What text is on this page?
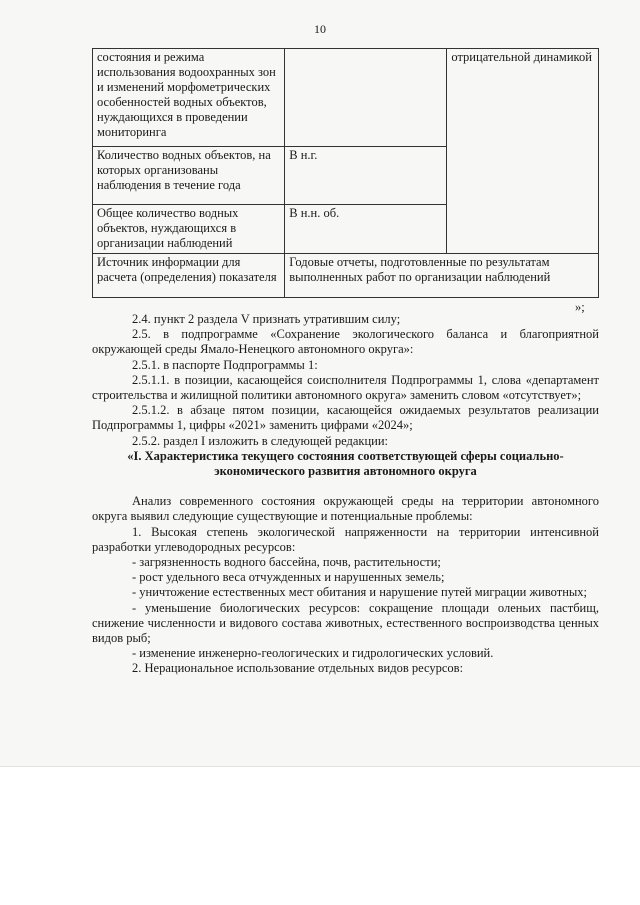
10
состояния и режима использования водоохранных зон и изменений морфометрических особенностей водных объектов, нуждающихся в проведении мониторинга		отрицательной динамикой
Количество водных объектов, на которых организованы наблюдения в течение года	В н.г.	
Общее количество водных объектов, нуждающихся в организации наблюдений	В н.н. об.	
Источник информации для расчета (определения) показателя	Годовые отчеты, подготовленные по результатам выполненных работ по организации наблюдений	
»;

2.4. пункт 2 раздела V признать утратившим силу;

2.5. в подпрограмме «Сохранение экологического баланса и благоприятной окружающей среды Ямало-Ненецкого автономного округа»:

2.5.1. в паспорте Подпрограммы 1:

2.5.1.1. в позиции, касающейся соисполнителя Подпрограммы 1, слова «департамент строительства и жилищной политики автономного округа» заменить словом «отсутствует»;

2.5.1.2. в абзаце пятом позиции, касающейся ожидаемых результатов реализации Подпрограммы 1, цифры «2021» заменить цифрами «2024»;

2.5.2. раздел I изложить в следующей редакции:

«I. Характеристика текущего состояния соответствующей сферы социально-экономического развития автономного округа

Анализ современного состояния окружающей среды на территории автономного округа выявил следующие существующие и потенциальные проблемы:

1. Высокая степень экологической напряженности на территории интенсивной разработки углеводородных ресурсов:

- загрязненность водного бассейна, почв, растительности;

- рост удельного веса отчужденных и нарушенных земель;

- уничтожение естественных мест обитания и нарушение путей миграции животных;

- уменьшение биологических ресурсов: сокращение площади оленьих пастбищ, снижение численности и видового состава животных, естественного воспроизводства ценных видов рыб;

- изменение инженерно-геологических и гидрологических условий.

2. Нерациональное использование отдельных видов ресурсов:
